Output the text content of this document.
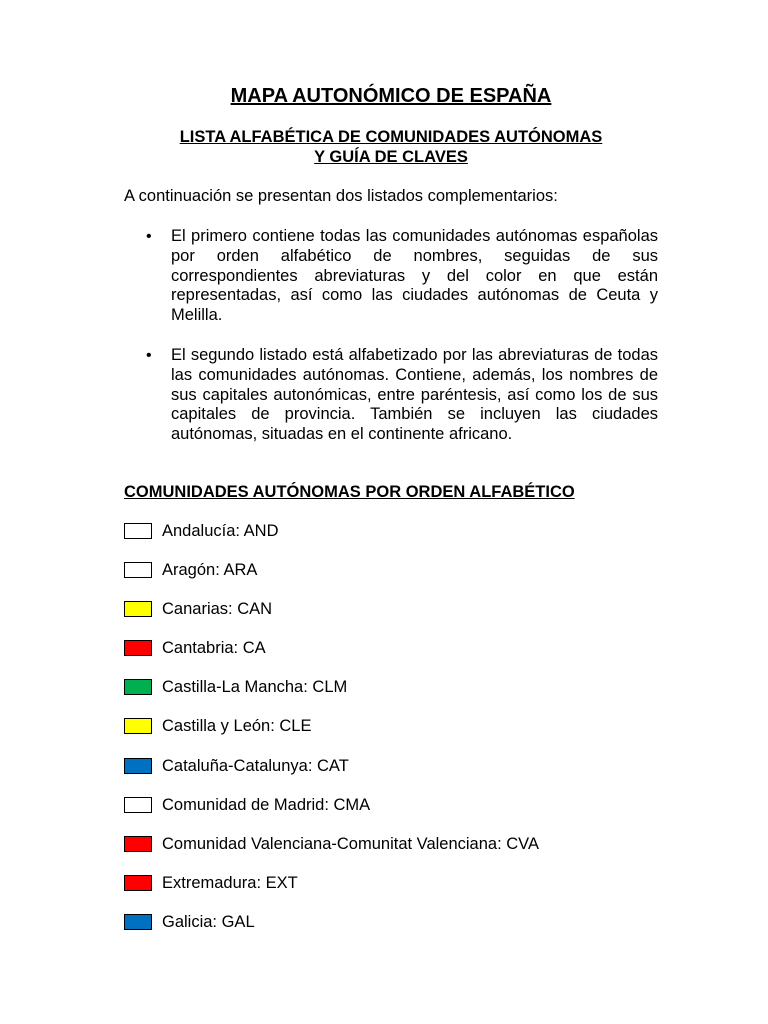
MAPA AUTONÓMICO DE ESPAÑA
LISTA ALFABÉTICA DE COMUNIDADES AUTÓNOMAS
Y GUÍA DE CLAVES
A continuación se presentan dos listados complementarios:
• El primero contiene todas las comunidades autónomas españolas por orden alfabético de nombres, seguidas de sus correspondientes abreviaturas y del color en que están representadas, así como las ciudades autónomas de Ceuta y Melilla.
• El segundo listado está alfabetizado por las abreviaturas de todas las comunidades autónomas. Contiene, además, los nombres de sus capitales autonómicas, entre paréntesis, así como los de sus capitales de provincia. También se incluyen las ciudades autónomas, situadas en el continente africano.
COMUNIDADES AUTÓNOMAS POR ORDEN ALFABÉTICO
Andalucía: AND
Aragón: ARA
Canarias: CAN
Cantabria: CA
Castilla-La Mancha: CLM
Castilla y León: CLE
Cataluña-Catalunya: CAT
Comunidad de Madrid: CMA
Comunidad Valenciana-Comunitat Valenciana: CVA
Extremadura: EXT
Galicia: GAL
